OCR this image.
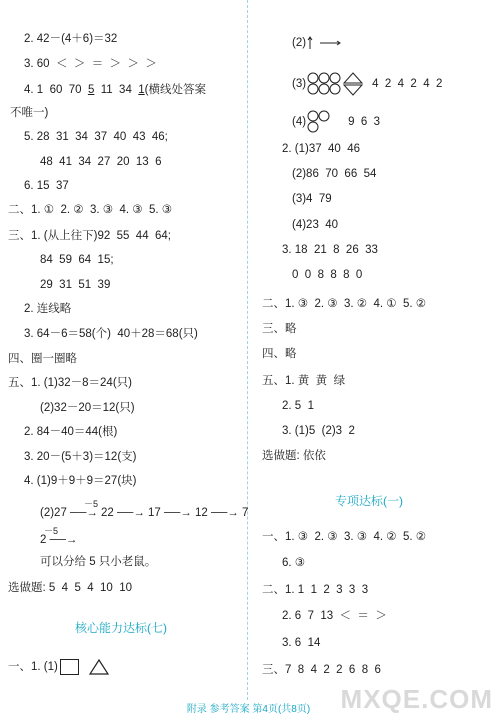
2. 42－(4＋6)＝32
3. 60  ＜  ＞  ＝  ＞  ＞  ＞
4. 1  60  70  5  11  34  1(横线处答案
不唯一)
5. 28  31  34  37  40  43  46;
48  41  34  27  20  13  6
6. 15  37
二、1. ①  2. ②  3. ③  4. ③  5. ③
三、1. (从上往下)92  55  44  64;
84  59  64  15;
29  31  51  39
2. 连线略
3. 64－6＝58(个)  40＋28＝68(只)
四、圈一圈略
五、1. (1)32－8＝24(只)
(2)32－20＝12(只)
2. 84－40＝44(根)
3. 20－(5＋3)＝12(支)
4. (1)9＋9＋9＝27(块)
－5
(2)27 ──→ 22 ──→ 17 ──→ 12 ──→ 7
－5
2 ──→
可以分给 5 只小老鼠。
选做题: 5  4  5  4  10  10
核心能力达标(七)
一、1. (1)
(2)
(3)	4  2  4  2  4  2
(4)	9  6  3
2. (1)37  40  46
(2)86  70  66  54
(3)4  79
(4)23  40
3. 18  21  8  26  33
0  0  8  8  8  0
二、1. ③  2. ③  3. ②  4. ①  5. ②
三、略
四、略
五、1. 黄  黄  绿
2. 5  1
3. (1)5  (2)3  2
选做题: 依依
专项达标(一)
一、1. ③  2. ③  3. ③  4. ②  5. ②
6. ③
二、1. 1  1  2  3  3  3
2. 6  7  13  ＜  ＝  ＞
3. 6  14
三、7  8  4  2  2  6  8  6
附录 参考答案 第4页(共8页)	MXQE.COM
